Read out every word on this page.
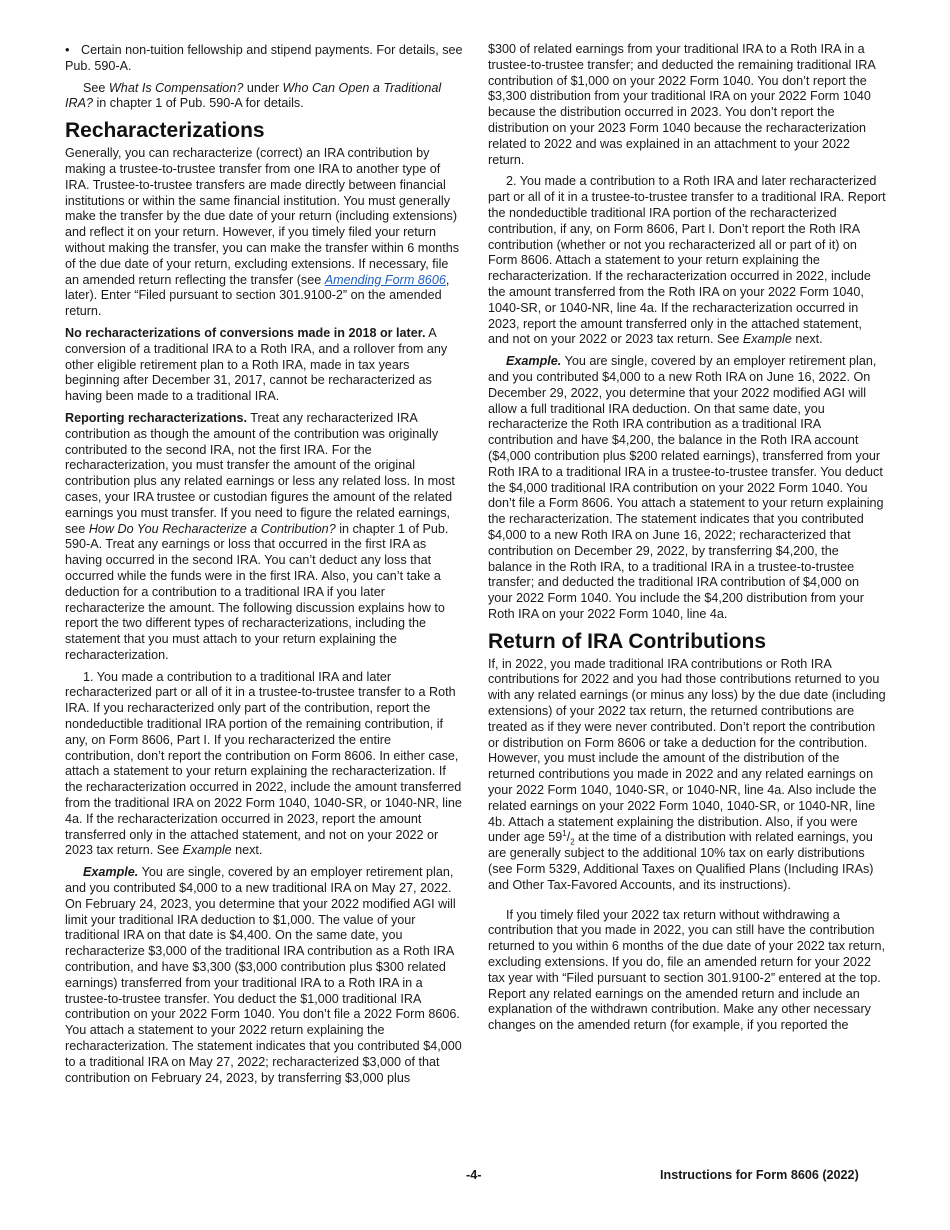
• Certain non-tuition fellowship and stipend payments. For details, see Pub. 590-A.

See What Is Compensation? under Who Can Open a Traditional IRA? in chapter 1 of Pub. 590-A for details.

Recharacterizations

Generally, you can recharacterize (correct) an IRA contribution by making a trustee-to-trustee transfer from one IRA to another type of IRA. Trustee-to-trustee transfers are made directly between financial institutions or within the same financial institution. You must generally make the transfer by the due date of your return (including extensions) and reflect it on your return. However, if you timely filed your return without making the transfer, you can make the transfer within 6 months of the due date of your return, excluding extensions. If necessary, file an amended return reflecting the transfer (see Amending Form 8606, later). Enter “Filed pursuant to section 301.9100-2” on the amended return.

No recharacterizations of conversions made in 2018 or later. A conversion of a traditional IRA to a Roth IRA, and a rollover from any other eligible retirement plan to a Roth IRA, made in tax years beginning after December 31, 2017, cannot be recharacterized as having been made to a traditional IRA.

Reporting recharacterizations. Treat any recharacterized IRA contribution as though the amount of the contribution was originally contributed to the second IRA, not the first IRA. For the recharacterization, you must transfer the amount of the original contribution plus any related earnings or less any related loss. In most cases, your IRA trustee or custodian figures the amount of the related earnings you must transfer. If you need to figure the related earnings, see How Do You Recharacterize a Contribution? in chapter 1 of Pub. 590-A. Treat any earnings or loss that occurred in the first IRA as having occurred in the second IRA. You can’t deduct any loss that occurred while the funds were in the first IRA. Also, you can’t take a deduction for a contribution to a traditional IRA if you later recharacterize the amount. The following discussion explains how to report the two different types of recharacterizations, including the statement that you must attach to your return explaining the recharacterization.

1. You made a contribution to a traditional IRA and later recharacterized part or all of it in a trustee-to-trustee transfer to a Roth IRA. If you recharacterized only part of the contribution, report the nondeductible traditional IRA portion of the remaining contribution, if any, on Form 8606, Part I. If you recharacterized the entire contribution, don’t report the contribution on Form 8606. In either case, attach a statement to your return explaining the recharacterization. If the recharacterization occurred in 2022, include the amount transferred from the traditional IRA on 2022 Form 1040, 1040-SR, or 1040-NR, line 4a. If the recharacterization occurred in 2023, report the amount transferred only in the attached statement, and not on your 2022 or 2023 tax return. See Example next.

Example. You are single, covered by an employer retirement plan, and you contributed $4,000 to a new traditional IRA on May 27, 2022. On February 24, 2023, you determine that your 2022 modified AGI will limit your traditional IRA deduction to $1,000. The value of your traditional IRA on that date is $4,400. On the same date, you recharacterize $3,000 of the traditional IRA contribution as a Roth IRA contribution, and have $3,300 ($3,000 contribution plus $300 related earnings) transferred from your traditional IRA to a Roth IRA in a trustee-to-trustee transfer. You deduct the $1,000 traditional IRA contribution on your 2022 Form 1040. You don’t file a 2022 Form 8606. You attach a statement to your 2022 return explaining the recharacterization. The statement indicates that you contributed $4,000 to a traditional IRA on May 27, 2022; recharacterized $3,000 of that contribution on February 24, 2023, by transferring $3,000 plus

$300 of related earnings from your traditional IRA to a Roth IRA in a trustee-to-trustee transfer; and deducted the remaining traditional IRA contribution of $1,000 on your 2022 Form 1040. You don’t report the $3,300 distribution from your traditional IRA on your 2022 Form 1040 because the distribution occurred in 2023. You don’t report the distribution on your 2023 Form 1040 because the recharacterization related to 2022 and was explained in an attachment to your 2022 return.

2. You made a contribution to a Roth IRA and later recharacterized part or all of it in a trustee-to-trustee transfer to a traditional IRA. Report the nondeductible traditional IRA portion of the recharacterized contribution, if any, on Form 8606, Part I. Don’t report the Roth IRA contribution (whether or not you recharacterized all or part of it) on Form 8606. Attach a statement to your return explaining the recharacterization. If the recharacterization occurred in 2022, include the amount transferred from the Roth IRA on your 2022 Form 1040, 1040-SR, or 1040-NR, line 4a. If the recharacterization occurred in 2023, report the amount transferred only in the attached statement, and not on your 2022 or 2023 tax return. See Example next.

Example. You are single, covered by an employer retirement plan, and you contributed $4,000 to a new Roth IRA on June 16, 2022. On December 29, 2022, you determine that your 2022 modified AGI will allow a full traditional IRA deduction. On that same date, you recharacterize the Roth IRA contribution as a traditional IRA contribution and have $4,200, the balance in the Roth IRA account ($4,000 contribution plus $200 related earnings), transferred from your Roth IRA to a traditional IRA in a trustee-to-trustee transfer. You deduct the $4,000 traditional IRA contribution on your 2022 Form 1040. You don’t file a Form 8606. You attach a statement to your return explaining the recharacterization. The statement indicates that you contributed $4,000 to a new Roth IRA on June 16, 2022; recharacterized that contribution on December 29, 2022, by transferring $4,200, the balance in the Roth IRA, to a traditional IRA in a trustee-to-trustee transfer; and deducted the traditional IRA contribution of $4,000 on your 2022 Form 1040. You include the $4,200 distribution from your Roth IRA on your 2022 Form 1040, line 4a.

Return of IRA Contributions

If, in 2022, you made traditional IRA contributions or Roth IRA contributions for 2022 and you had those contributions returned to you with any related earnings (or minus any loss) by the due date (including extensions) of your 2022 tax return, the returned contributions are treated as if they were never contributed. Don’t report the contribution or distribution on Form 8606 or take a deduction for the contribution. However, you must include the amount of the distribution of the returned contributions you made in 2022 and any related earnings on your 2022 Form 1040, 1040-SR, or 1040-NR, line 4a. Also include the related earnings on your 2022 Form 1040, 1040-SR, or 1040-NR, line 4b. Attach a statement explaining the distribution. Also, if you were under age $59^1/_2$ at the time of a distribution with related earnings, you are generally subject to the additional 10% tax on early distributions (see Form 5329, Additional Taxes on Qualified Plans (Including IRAs) and Other Tax-Favored Accounts, and its instructions).

If you timely filed your 2022 tax return without withdrawing a contribution that you made in 2022, you can still have the contribution returned to you within 6 months of the due date of your 2022 tax return, excluding extensions. If you do, file an amended return for your 2022 tax year with “Filed pursuant to section 301.9100-2” entered at the top. Report any related earnings on the amended return and include an explanation of the withdrawn contribution. Make any other necessary changes on the amended return (for example, if you reported the

-4-	Instructions for Form 8606 (2022)
